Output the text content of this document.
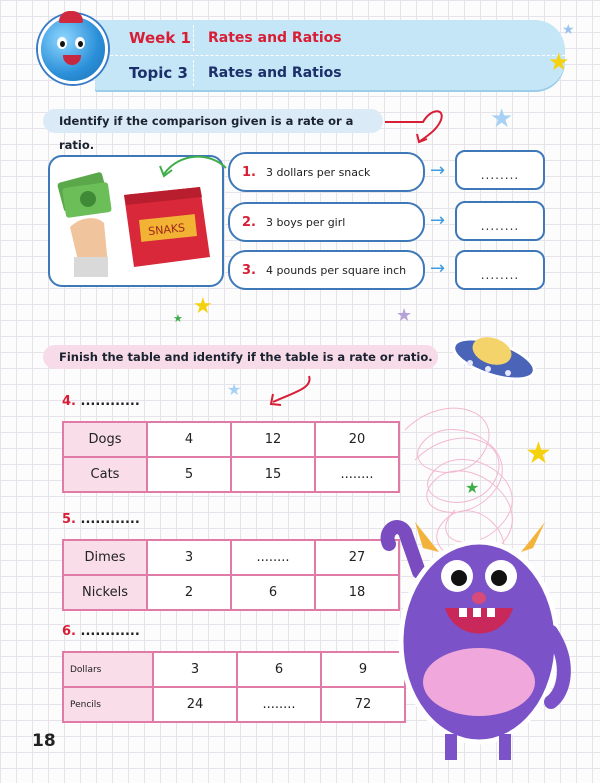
Week 1	Rates and Ratios
Topic 3	Rates and Ratios	★
★
★
Identify if the comparison given is a rate or a ratio.
SNAKS
1. 3 dollars per snack	→	........
2. 3 boys per girl	→	........
3. 4 pounds per square inch →	........
★
★	★
★
Finish the table and identify if the table is a rate or ratio.
4. ............
Dogs	4	12	20
Cats	5	15	........
5. ............
Dimes	3	........	27
Nickels	2	6	18
6. ............
Dollars	3	6	9
Pencils	24	........	72
★
★
18
